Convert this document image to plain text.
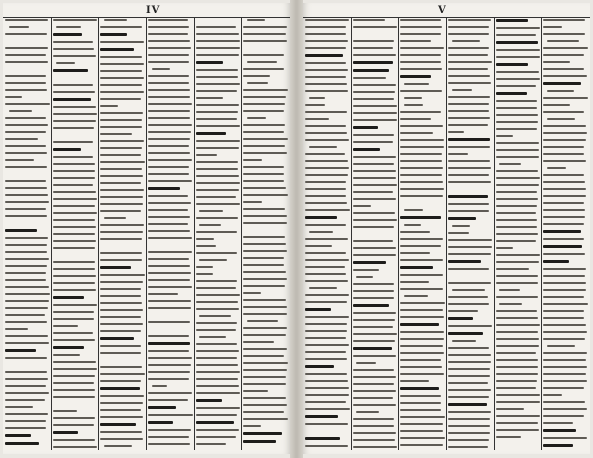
IV	V
